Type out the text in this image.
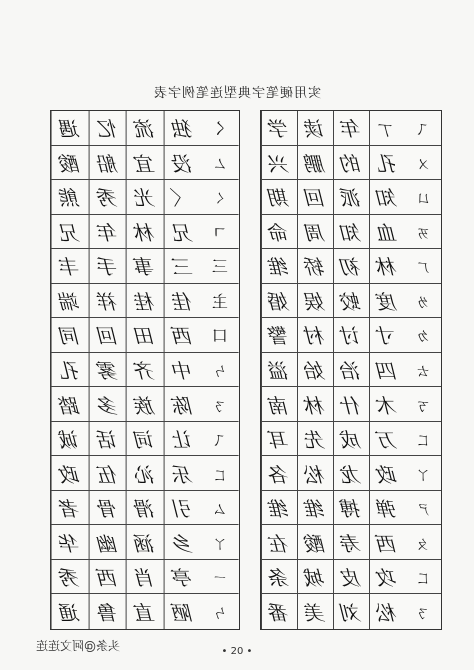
实用硬笔字典型连笔例字表
遇 忆 流 独	く
酸 船 宜 没	ㄥ
熊 秀 光 〈	ㄑ
兄 年 林 兄	ㄱ
丰 手 事 三	三
端 祥 桂 佳	主
同 回 田 西	口
孔 雾 齐 中	ㄣ
踏 多 族 陈	ㄋ
诚 话 词 让	ㄟ
政 伍 沁 乐	ㄈ
者 骨 滑 引	ㄙ
华 幽 涵 乡	ㄚ
秀 西 肖 亭	ㄧ
通 鲁 直 陋	ㄣ
学 读 年 ㄒ	ㄟ
兴 鹏 的 孔	ㄨ
期 回 派 知	ㄩ
命 周 知 血	ㄞ
维 轿 初 林	ㄏ
婚 娱 蛟 度	ㄌ
警 村 讨 寸	ㄉ
溢 始 治 四	ㄊ
南 林 什 木	ㄎ
耳 先 成 万	ㄈ
各 松 龙 政	ㄚ
维 维 搏 弹	ㄕ
在 酸 寿 西	ㄆ
条 城 皮 攻	ㄈ
番 美 刘 松	ㄋ
头条@阿文连连	• 20 •
